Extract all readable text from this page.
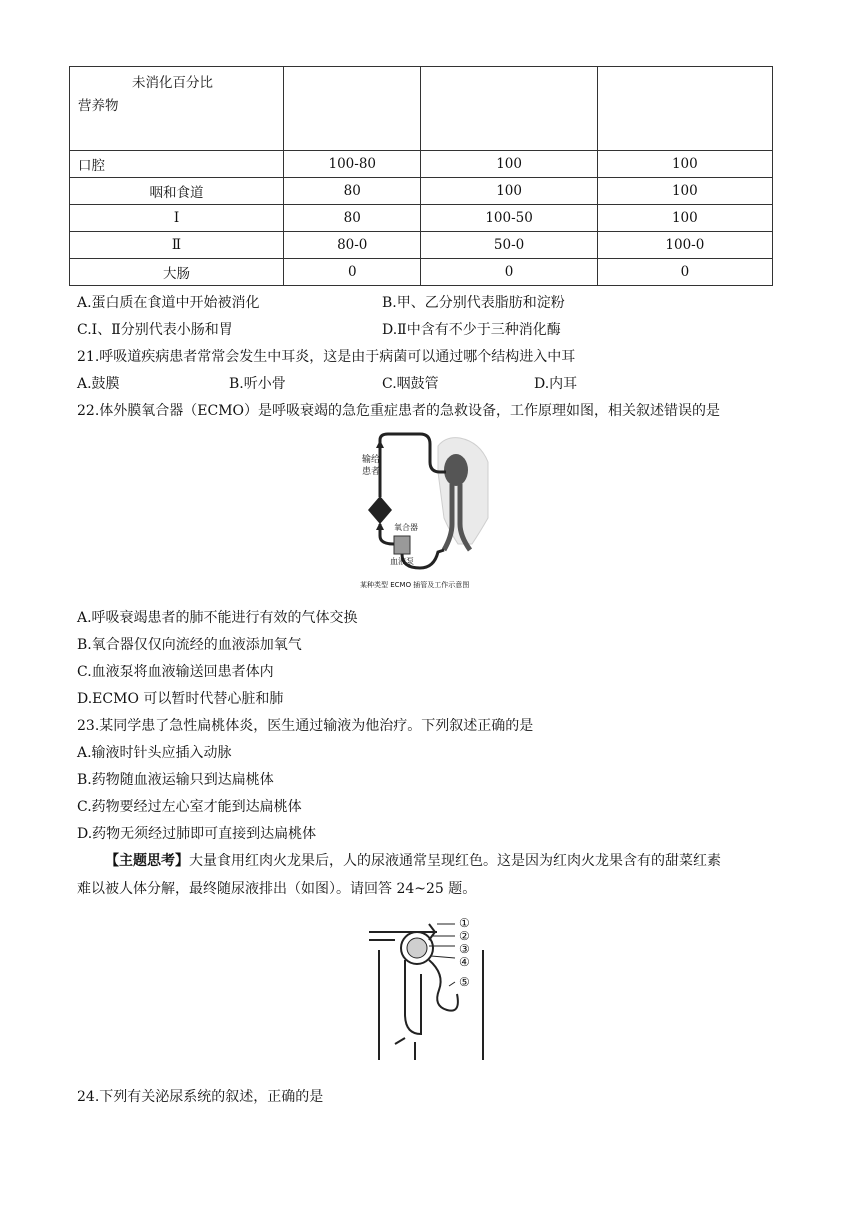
未消化百分比
营养物			

口腔	100-80	100	100
咽和食道	80	100	100
Ⅰ	80	100-50	100
Ⅱ	80-0	50-0	100-0
大肠	0	0	0
A.蛋白质在食道中开始被消化	B.甲、乙分别代表脂肪和淀粉
C.Ⅰ、Ⅱ分别代表小肠和胃	D.Ⅱ中含有不少于三种消化酶
21.呼吸道疾病患者常常会发生中耳炎，这是由于病菌可以通过哪个结构进入中耳
A.鼓膜	B.听小骨	C.咽鼓管	D.内耳
22.体外膜氧合器（ECMO）是呼吸衰竭的急危重症患者的急救设备，工作原理如图，相关叙述错误的是
输给患者
氧合器
血液泵
某种类型 ECMO 插管及工作示意图
A.呼吸衰竭患者的肺不能进行有效的气体交换
B.氧合器仅仅向流经的血液添加氧气
C.血液泵将血液输送回患者体内
D.ECMO 可以暂时代替心脏和肺
23.某同学患了急性扁桃体炎，医生通过输液为他治疗。下列叙述正确的是
A.输液时针头应插入动脉
B.药物随血液运输只到达扁桃体
C.药物要经过左心室才能到达扁桃体
D.药物无须经过肺即可直接到达扁桃体
【主题思考】大量食用红肉火龙果后，人的尿液通常呈现红色。这是因为红肉火龙果含有的甜菜红素
难以被人体分解，最终随尿液排出（如图）。请回答 24~25 题。
①
②
③
④
⑤
24.下列有关泌尿系统的叙述，正确的是
